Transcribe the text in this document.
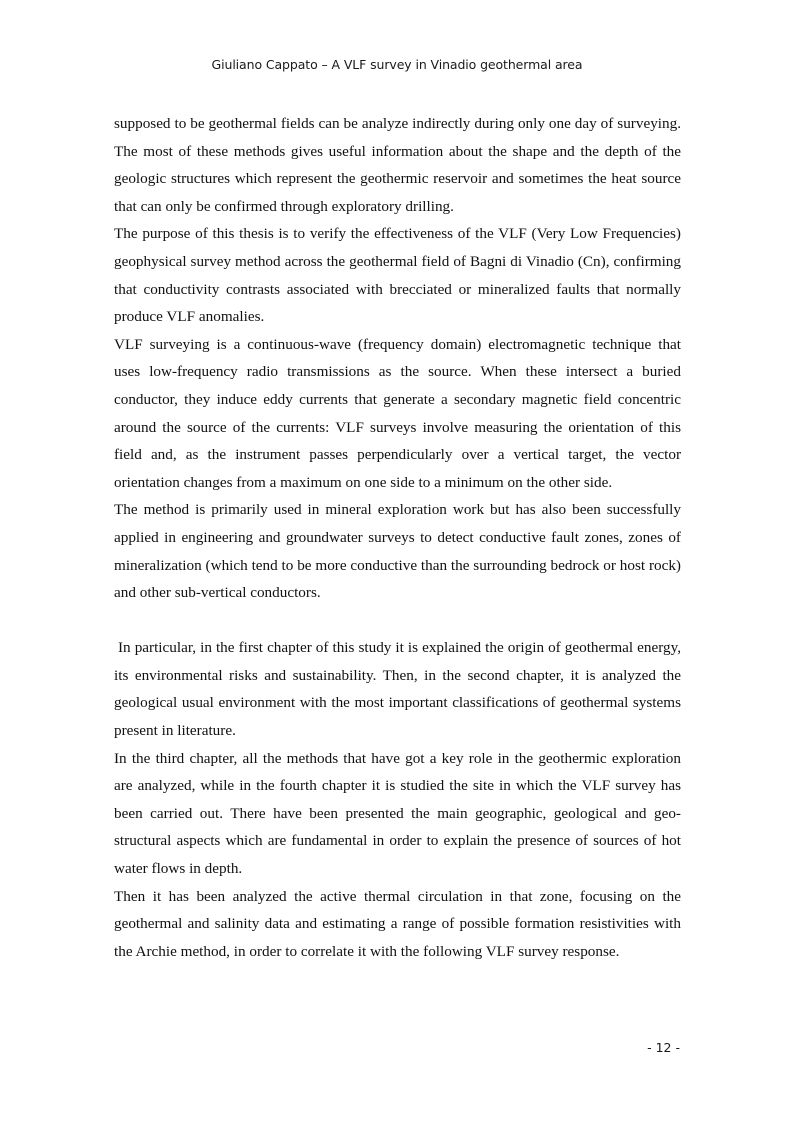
Giuliano Cappato – A VLF survey in Vinadio geothermal area

supposed to be geothermal fields can be analyze indirectly during only one day of surveying. The most of these methods gives useful information about the shape and the depth of the geologic structures which represent the geothermic reservoir and sometimes the heat source that can only be confirmed through exploratory drilling.

The purpose of this thesis is to verify the effectiveness of the VLF (Very Low Frequencies) geophysical survey method across the geothermal field of Bagni di Vinadio (Cn), confirming that conductivity contrasts associated with brecciated or mineralized faults that normally produce VLF anomalies.

VLF surveying is a continuous-wave (frequency domain) electromagnetic technique that uses low-frequency radio transmissions as the source. When these intersect a buried conductor, they induce eddy currents that generate a secondary magnetic field concentric around the source of the currents: VLF surveys involve measuring the orientation of this field and, as the instrument passes perpendicularly over a vertical target, the vector orientation changes from a maximum on one side to a minimum on the other side.

The method is primarily used in mineral exploration work but has also been successfully applied in engineering and groundwater surveys to detect conductive fault zones, zones of mineralization (which tend to be more conductive than the surrounding bedrock or host rock) and other sub-vertical conductors.

In particular, in the first chapter of this study it is explained the origin of geothermal energy, its environmental risks and sustainability. Then, in the second chapter, it is analyzed the geological usual environment with the most important classifications of geothermal systems present in literature.

In the third chapter, all the methods that have got a key role in the geothermic exploration are analyzed, while in the fourth chapter it is studied the site in which the VLF survey has been carried out. There have been presented the main geographic, geological and geo-structural aspects which are fundamental in order to explain the presence of sources of hot water flows in depth.

Then it has been analyzed the active thermal circulation in that zone, focusing on the geothermal and salinity data and estimating a range of possible formation resistivities with the Archie method, in order to correlate it with the following VLF survey response.

- 12 -
